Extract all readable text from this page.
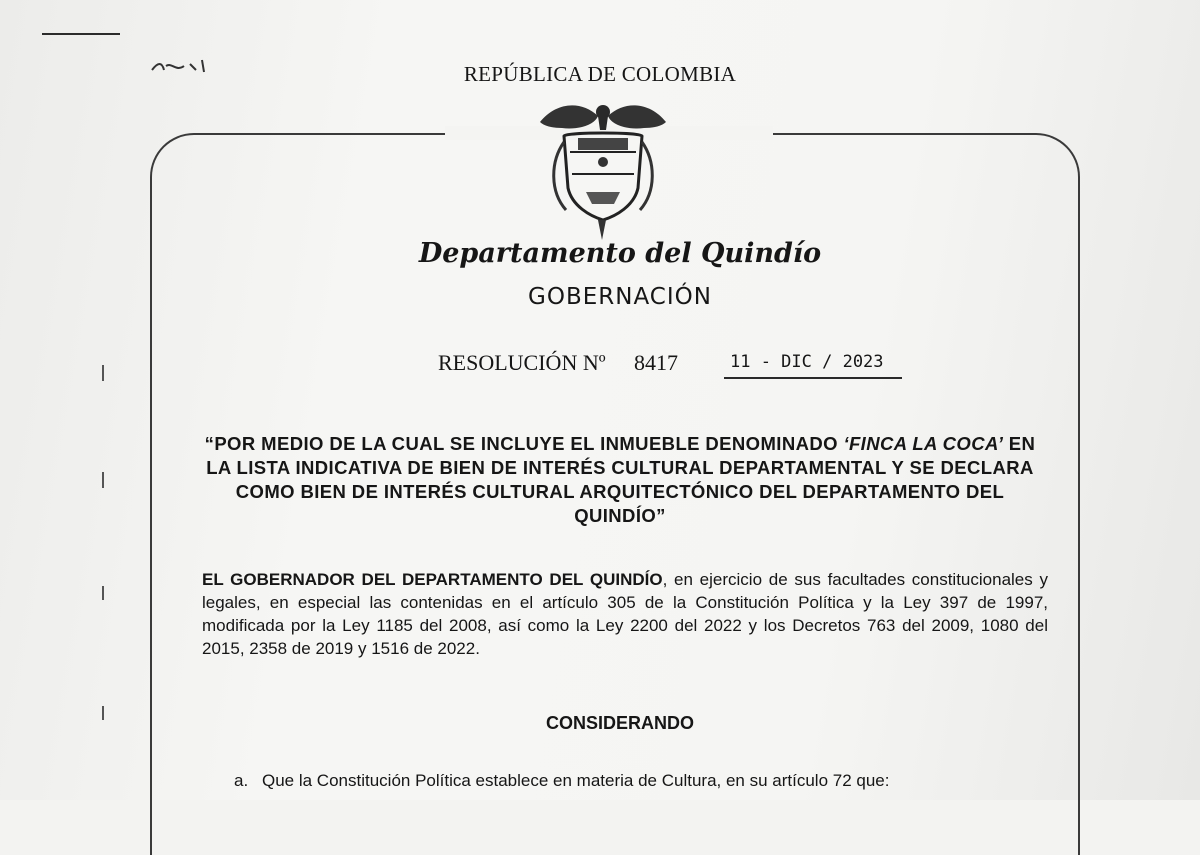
REPÚBLICA DE COLOMBIA
Departamento del Quindío
GOBERNACIÓN
RESOLUCIÓN Nº 8417	11 - DIC / 2023
“POR MEDIO DE LA CUAL SE INCLUYE EL INMUEBLE DENOMINADO ‘FINCA LA COCA’ EN LA LISTA INDICATIVA DE BIEN DE INTERÉS CULTURAL DEPARTAMENTAL Y SE DECLARA COMO BIEN DE INTERÉS CULTURAL ARQUITECTÓNICO DEL DEPARTAMENTO DEL QUINDÍO”
EL GOBERNADOR DEL DEPARTAMENTO DEL QUINDÍO, en ejercicio de sus facultades constitucionales y legales, en especial las contenidas en el artículo 305 de la Constitución Política y la Ley 397 de 1997, modificada por la Ley 1185 del 2008, así como la Ley 2200 del 2022 y los Decretos 763 del 2009, 1080 del 2015, 2358 de 2019 y 1516 de 2022.
CONSIDERANDO
a. Que la Constitución Política establece en materia de Cultura, en su artículo 72 que:
